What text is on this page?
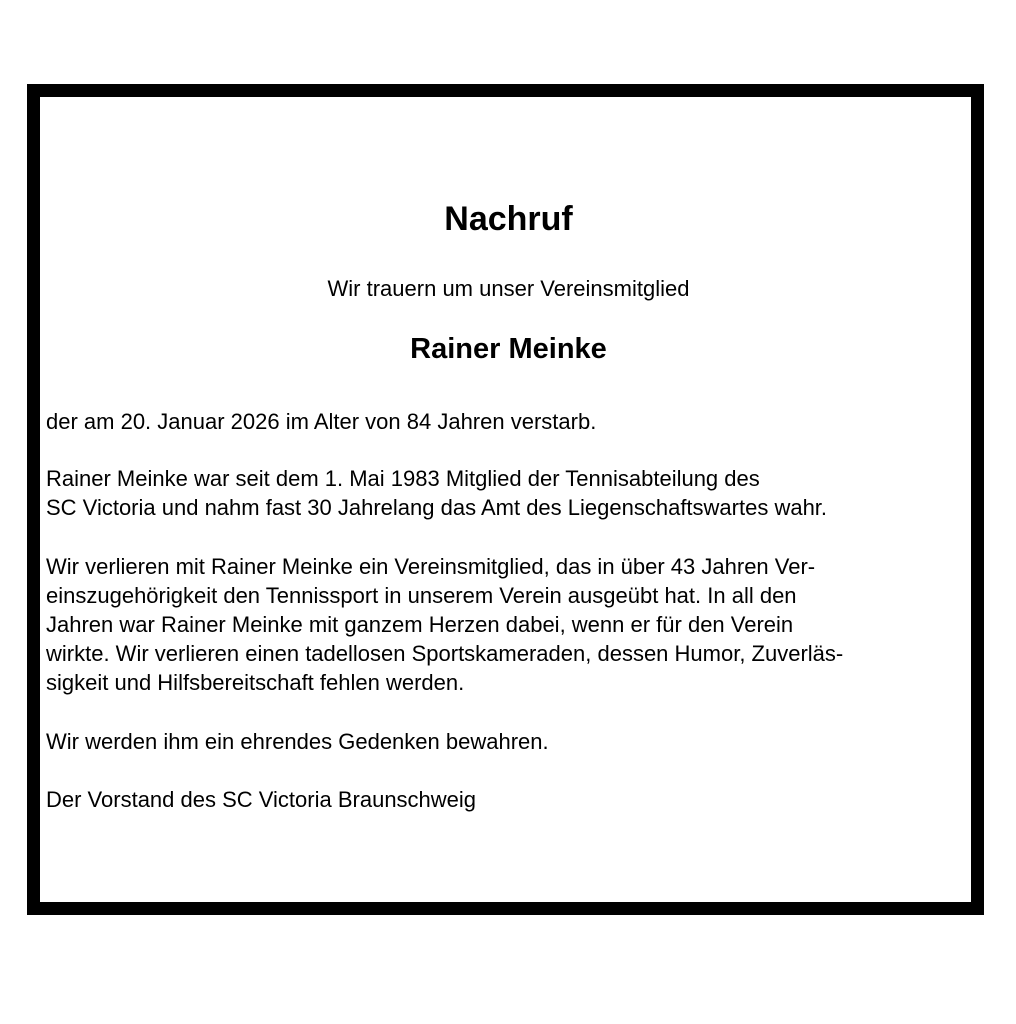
Nachruf

Wir trauern um unser Vereinsmitglied

Rainer Meinke

der am 20. Januar 2026 im Alter von 84 Jahren verstarb.

Rainer Meinke war seit dem 1. Mai 1983 Mitglied der Tennisabteilung des
SC Victoria und nahm fast 30 Jahrelang das Amt des Liegenschaftswartes wahr.

Wir verlieren mit Rainer Meinke ein Vereinsmitglied, das in über 43 Jahren Ver-
einszugehörigkeit den Tennissport in unserem Verein ausgeübt hat. In all den
Jahren war Rainer Meinke mit ganzem Herzen dabei, wenn er für den Verein
wirkte. Wir verlieren einen tadellosen Sportskameraden, dessen Humor, Zuverläs-
sigkeit und Hilfsbereitschaft fehlen werden.

Wir werden ihm ein ehrendes Gedenken bewahren.

Der Vorstand des SC Victoria Braunschweig
